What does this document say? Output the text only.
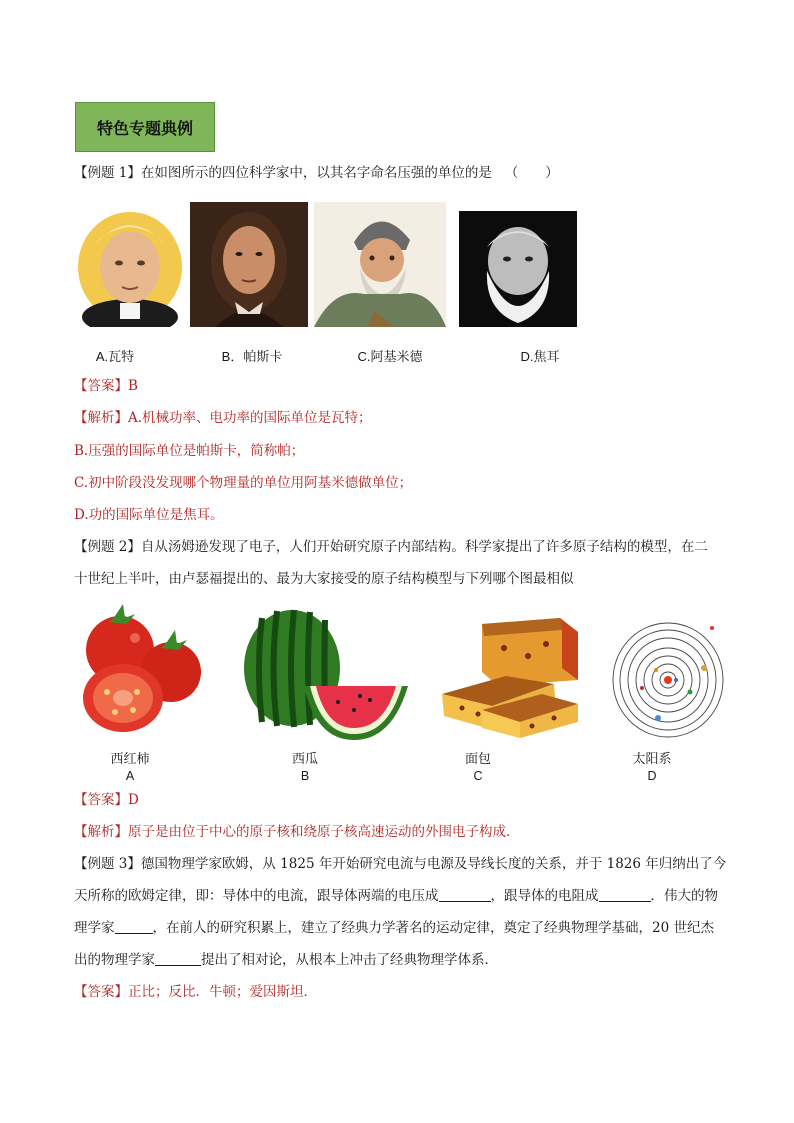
特色专题典例
【例题 1】在如图所示的四位科学家中，以其名字命名压强的单位的是 （　　）
A.瓦特	B．帕斯卡	C.阿基米德	D.焦耳
【答案】B
【解析】A.机械功率、电功率的国际单位是瓦特；
B.压强的国际单位是帕斯卡，简称帕；
C.初中阶段没发现哪个物理量的单位用阿基米德做单位；
D.功的国际单位是焦耳。
【例题 2】自从汤姆逊发现了电子，人们开始研究原子内部结构。科学家提出了许多原子结构的模型，在二
十世纪上半叶，由卢瑟福提出的、最为大家接受的原子结构模型与下列哪个图最相似
西红柿
A
西瓜
B
面包
C
太阳系
D
【答案】D
【解析】原子是由位于中心的原子核和绕原子核高速运动的外围电子构成．
【例题 3】德国物理学家欧姆，从 1825 年开始研究电流与电源及导线长度的关系，并于 1826 年归纳出了今
天所称的欧姆定律，即：导体中的电流，跟导体两端的电压成	，跟导体的电阻成	．伟大的物
理学家	，在前人的研究积累上，建立了经典力学著名的运动定律，奠定了经典物理学基础，20 世纪杰
出的物理学家	提出了相对论，从根本上冲击了经典物理学体系．
【答案】正比；反比．牛顿；爱因斯坦．
